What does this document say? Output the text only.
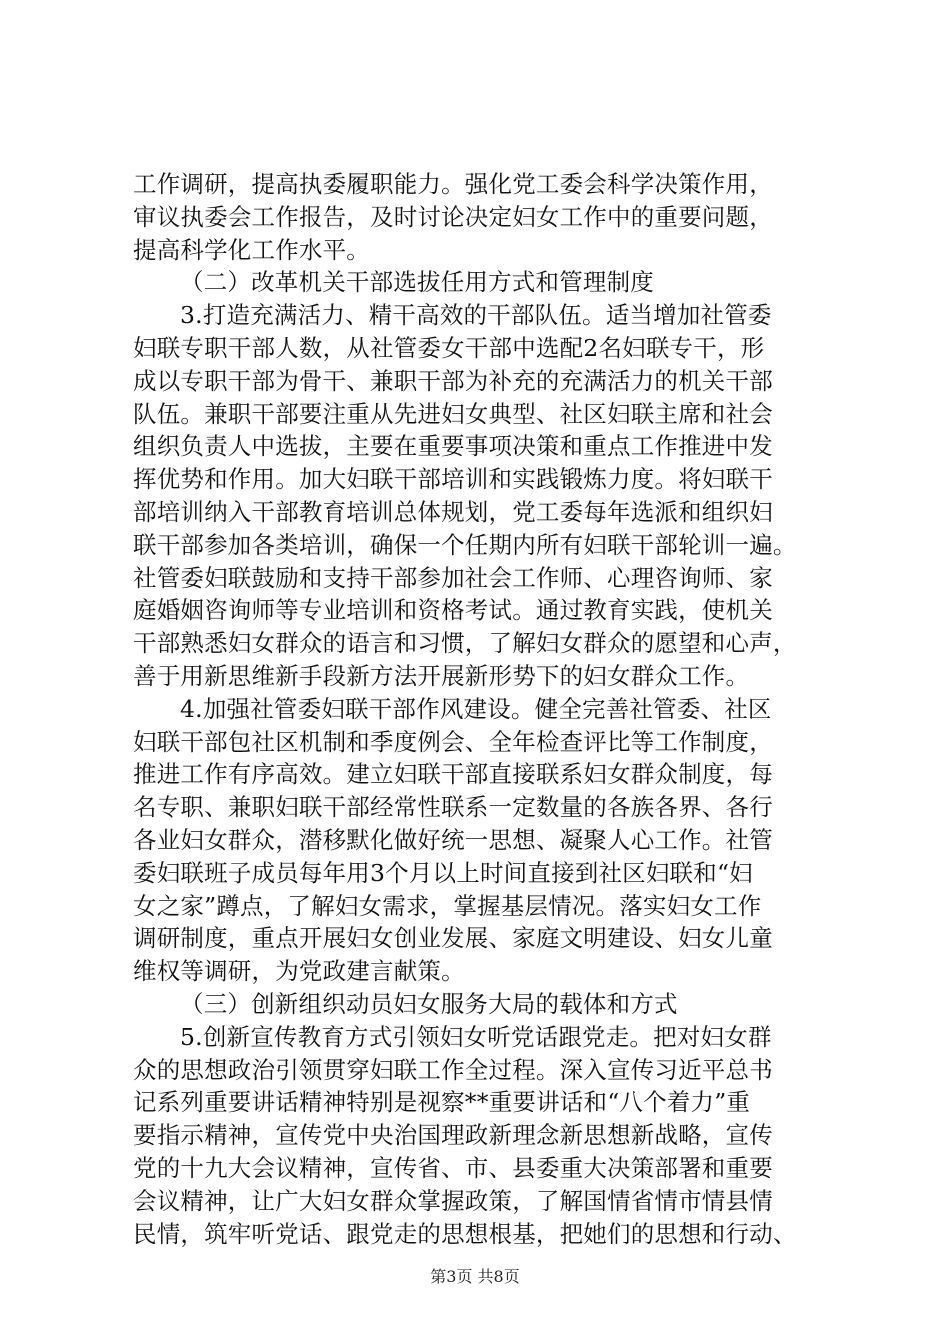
工作调研，提高执委履职能力。强化党工委会科学决策作用，
审议执委会工作报告，及时讨论决定妇女工作中的重要问题，
提高科学化工作水平。
（二）改革机关干部选拔任用方式和管理制度
3.打造充满活力、精干高效的干部队伍。适当增加社管委
妇联专职干部人数，从社管委女干部中选配2名妇联专干，形
成以专职干部为骨干、兼职干部为补充的充满活力的机关干部
队伍。兼职干部要注重从先进妇女典型、社区妇联主席和社会
组织负责人中选拔，主要在重要事项决策和重点工作推进中发
挥优势和作用。加大妇联干部培训和实践锻炼力度。将妇联干
部培训纳入干部教育培训总体规划，党工委每年选派和组织妇
联干部参加各类培训，确保一个任期内所有妇联干部轮训一遍。
社管委妇联鼓励和支持干部参加社会工作师、心理咨询师、家
庭婚姻咨询师等专业培训和资格考试。通过教育实践，使机关
干部熟悉妇女群众的语言和习惯，了解妇女群众的愿望和心声，
善于用新思维新手段新方法开展新形势下的妇女群众工作。
4.加强社管委妇联干部作风建设。健全完善社管委、社区
妇联干部包社区机制和季度例会、全年检查评比等工作制度，
推进工作有序高效。建立妇联干部直接联系妇女群众制度，每
名专职、兼职妇联干部经常性联系一定数量的各族各界、各行
各业妇女群众，潜移默化做好统一思想、凝聚人心工作。社管
委妇联班子成员每年用3个月以上时间直接到社区妇联和“妇
女之家”蹲点，了解妇女需求，掌握基层情况。落实妇女工作
调研制度，重点开展妇女创业发展、家庭文明建设、妇女儿童
维权等调研，为党政建言献策。
（三）创新组织动员妇女服务大局的载体和方式
5.创新宣传教育方式引领妇女听党话跟党走。把对妇女群
众的思想政治引领贯穿妇联工作全过程。深入宣传习近平总书
记系列重要讲话精神特别是视察**重要讲话和“八个着力”重
要指示精神，宣传党中央治国理政新理念新思想新战略，宣传
党的十九大会议精神，宣传省、市、县委重大决策部署和重要
会议精神，让广大妇女群众掌握政策，了解国情省情市情县情
民情，筑牢听党话、跟党走的思想根基，把她们的思想和行动、
第3页 共8页
